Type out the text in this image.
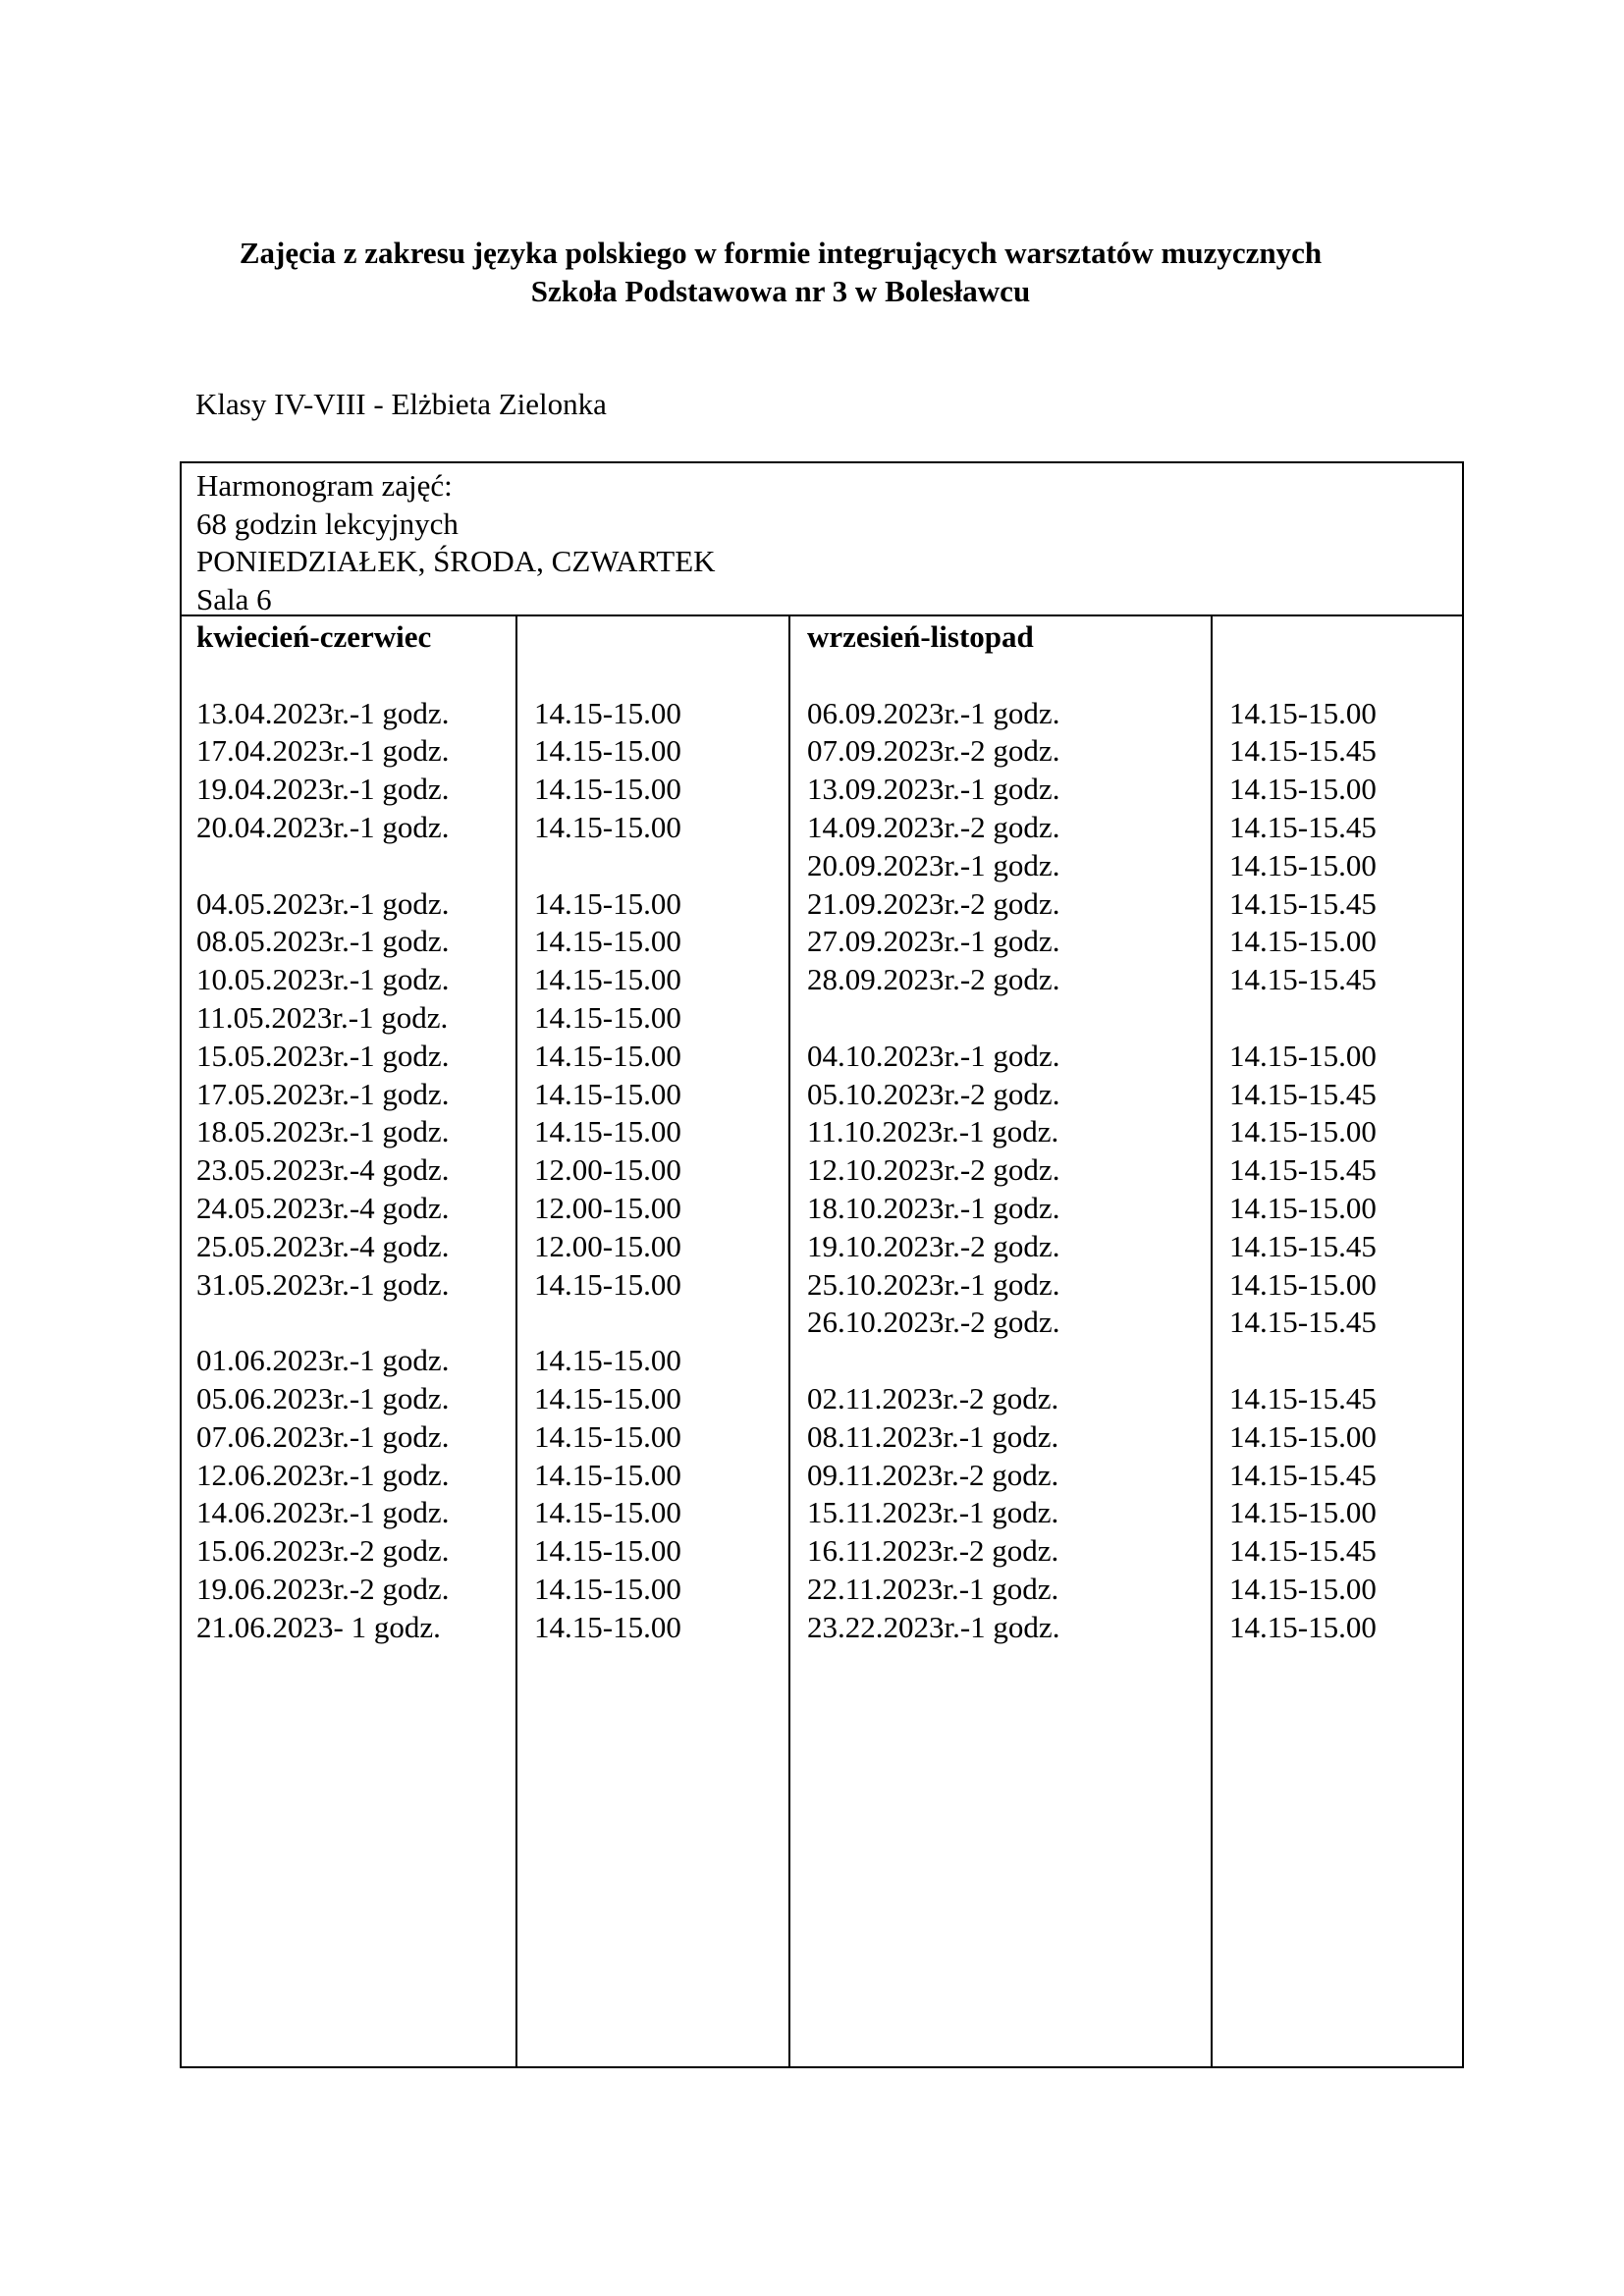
Zajęcia z zakresu języka polskiego w formie integrujących warsztatów muzycznych
Szkoła Podstawowa nr 3 w Bolesławcu
Klasy IV-VIII - Elżbieta Zielonka
Harmonogram zajęć:
68 godzin lekcyjnych
PONIEDZIAŁEK, ŚRODA, CZWARTEK
Sala 6
kwiecień-czerwiec
13.04.2023r.-1 godz.
17.04.2023r.-1 godz.
19.04.2023r.-1 godz.
20.04.2023r.-1 godz.
04.05.2023r.-1 godz.
08.05.2023r.-1 godz.
10.05.2023r.-1 godz.
11.05.2023r.-1 godz.
15.05.2023r.-1 godz.
17.05.2023r.-1 godz.
18.05.2023r.-1 godz.
23.05.2023r.-4 godz.
24.05.2023r.-4 godz.
25.05.2023r.-4 godz.
31.05.2023r.-1 godz.
01.06.2023r.-1 godz.
05.06.2023r.-1 godz.
07.06.2023r.-1 godz.
12.06.2023r.-1 godz.
14.06.2023r.-1 godz.
15.06.2023r.-2 godz.
19.06.2023r.-2 godz.
21.06.2023- 1 godz.
14.15-15.00
14.15-15.00
14.15-15.00
14.15-15.00
14.15-15.00
14.15-15.00
14.15-15.00
14.15-15.00
14.15-15.00
14.15-15.00
14.15-15.00
12.00-15.00
12.00-15.00
12.00-15.00
14.15-15.00
14.15-15.00
14.15-15.00
14.15-15.00
14.15-15.00
14.15-15.00
14.15-15.00
14.15-15.00
14.15-15.00
wrzesień-listopad
06.09.2023r.-1 godz.
07.09.2023r.-2 godz.
13.09.2023r.-1 godz.
14.09.2023r.-2 godz.
20.09.2023r.-1 godz.
21.09.2023r.-2 godz.
27.09.2023r.-1 godz.
28.09.2023r.-2 godz.
04.10.2023r.-1 godz.
05.10.2023r.-2 godz.
11.10.2023r.-1 godz.
12.10.2023r.-2 godz.
18.10.2023r.-1 godz.
19.10.2023r.-2 godz.
25.10.2023r.-1 godz.
26.10.2023r.-2 godz.
02.11.2023r.-2 godz.
08.11.2023r.-1 godz.
09.11.2023r.-2 godz.
15.11.2023r.-1 godz.
16.11.2023r.-2 godz.
22.11.2023r.-1 godz.
23.22.2023r.-1 godz.
14.15-15.00
14.15-15.45
14.15-15.00
14.15-15.45
14.15-15.00
14.15-15.45
14.15-15.00
14.15-15.45
14.15-15.00
14.15-15.45
14.15-15.00
14.15-15.45
14.15-15.00
14.15-15.45
14.15-15.00
14.15-15.45
14.15-15.45
14.15-15.00
14.15-15.45
14.15-15.00
14.15-15.45
14.15-15.00
14.15-15.00
